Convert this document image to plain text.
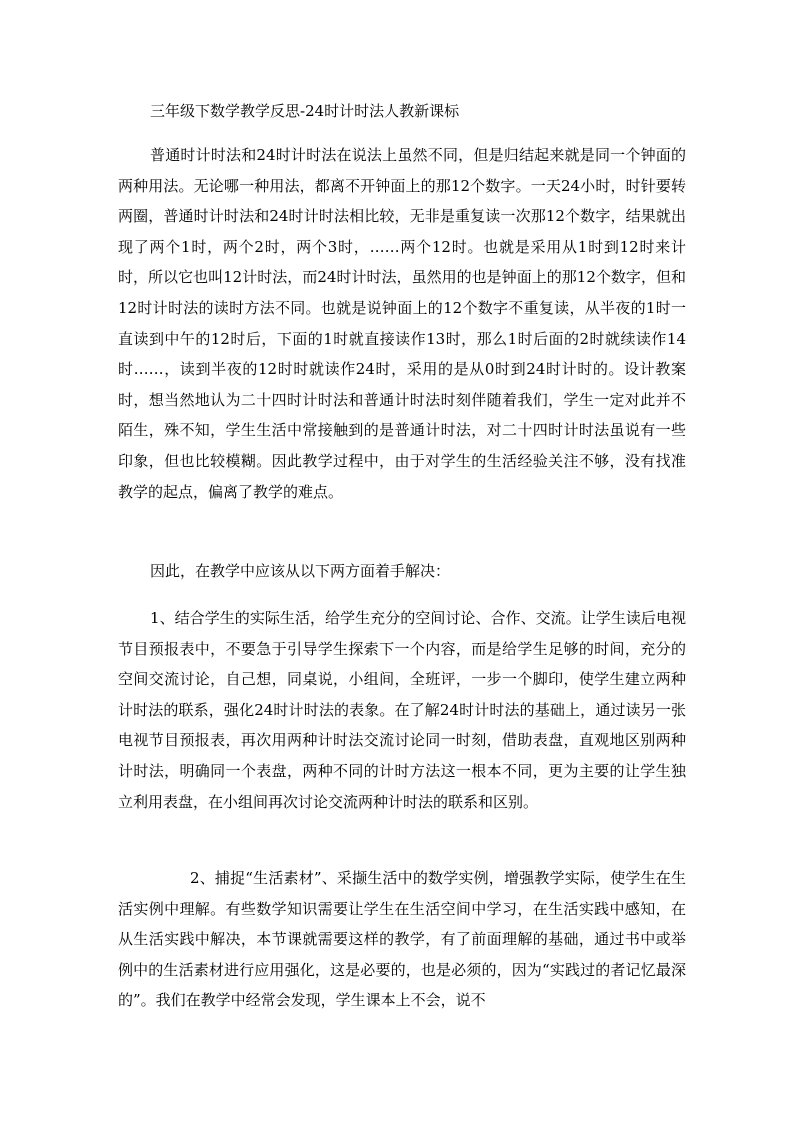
三年级下数学教学反思-24时计时法人教新课标

普通时计时法和24时计时法在说法上虽然不同，但是归结起来就是同一个钟面的两种用法。无论哪一种用法，都离不开钟面上的那12个数字。一天24小时，时针要转两圈，普通时计时法和24时计时法相比较，无非是重复读一次那12个数字，结果就出现了两个1时，两个2时，两个3时，……两个12时。也就是采用从1时到12时来计时，所以它也叫12计时法，而24时计时法，虽然用的也是钟面上的那12个数字，但和12时计时法的读时方法不同。也就是说钟面上的12个数字不重复读，从半夜的1时一直读到中午的12时后，下面的1时就直接读作13时，那么1时后面的2时就续读作14时……，读到半夜的12时时就读作24时，采用的是从0时到24时计时的。设计教案时，想当然地认为二十四时计时法和普通计时法时刻伴随着我们，学生一定对此并不陌生，殊不知，学生生活中常接触到的是普通计时法，对二十四时计时法虽说有一些印象，但也比较模糊。因此教学过程中，由于对学生的生活经验关注不够，没有找准教学的起点，偏离了教学的难点。

因此，在教学中应该从以下两方面着手解决：

1、结合学生的实际生活，给学生充分的空间讨论、合作、交流。让学生读后电视节目预报表中，不要急于引导学生探索下一个内容，而是给学生足够的时间，充分的空间交流讨论，自己想，同桌说，小组间，全班评，一步一个脚印，使学生建立两种计时法的联系，强化24时计时法的表象。在了解24时计时法的基础上，通过读另一张电视节目预报表，再次用两种计时法交流讨论同一时刻，借助表盘，直观地区别两种计时法，明确同一个表盘，两种不同的计时方法这一根本不同，更为主要的让学生独立利用表盘，在小组间再次讨论交流两种计时法的联系和区别。

2、捕捉“生活素材”、采撷生活中的数学实例，增强教学实际，使学生在生活实例中理解。有些数学知识需要让学生在生活空间中学习，在生活实践中感知，在从生活实践中解决，本节课就需要这样的教学，有了前面理解的基础，通过书中或举例中的生活素材进行应用强化，这是必要的，也是必须的，因为“实践过的者记忆最深的”。我们在教学中经常会发现，学生课本上不会，说不
